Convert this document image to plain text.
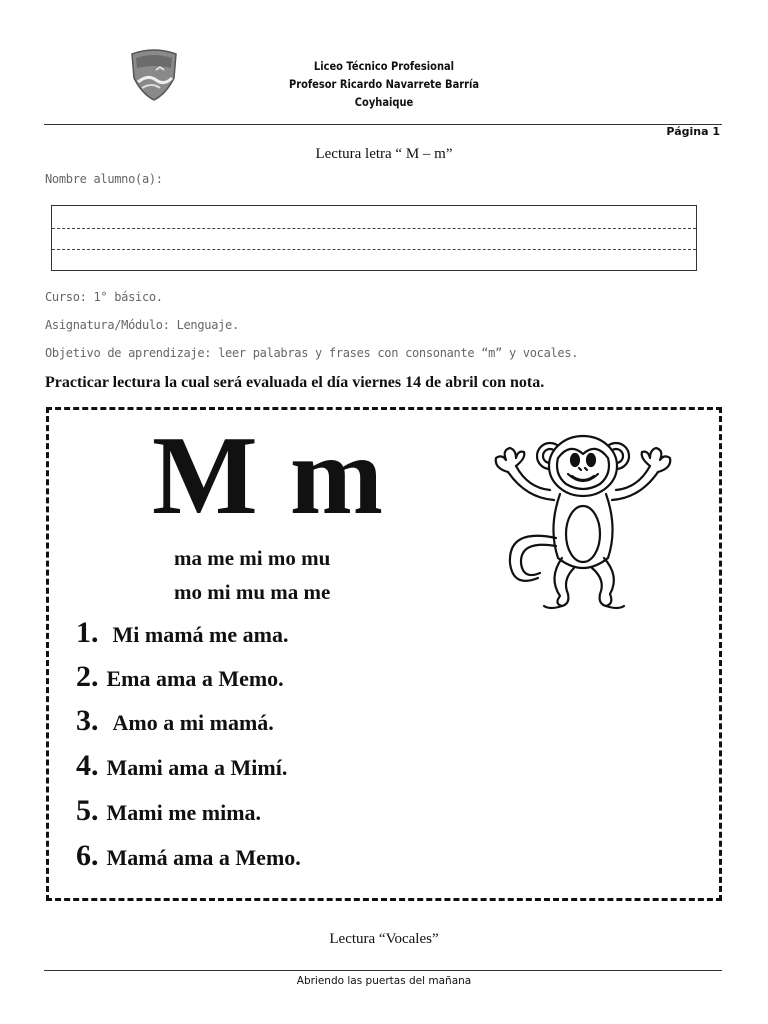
Liceo Técnico Profesional
Profesor Ricardo Navarrete Barría
Coyhaique
Página 1
Lectura letra “ M – m”
Nombre alumno(a):
Curso: 1° básico.
Asignatura/Módulo: Lenguaje.
Objetivo de aprendizaje: leer palabras y frases con consonante “m” y vocales.
Practicar lectura la cual será evaluada el día viernes 14 de abril con nota.
M m
ma me mi mo mu
mo mi mu ma me
1. Mi mamá me ama.
2. Ema ama a Memo.
3. Amo a mi mamá.
4. Mami ama a Mimí.
5. Mami me mima.
6. Mamá ama a Memo.
Lectura “Vocales”
Abriendo las puertas del mañana
